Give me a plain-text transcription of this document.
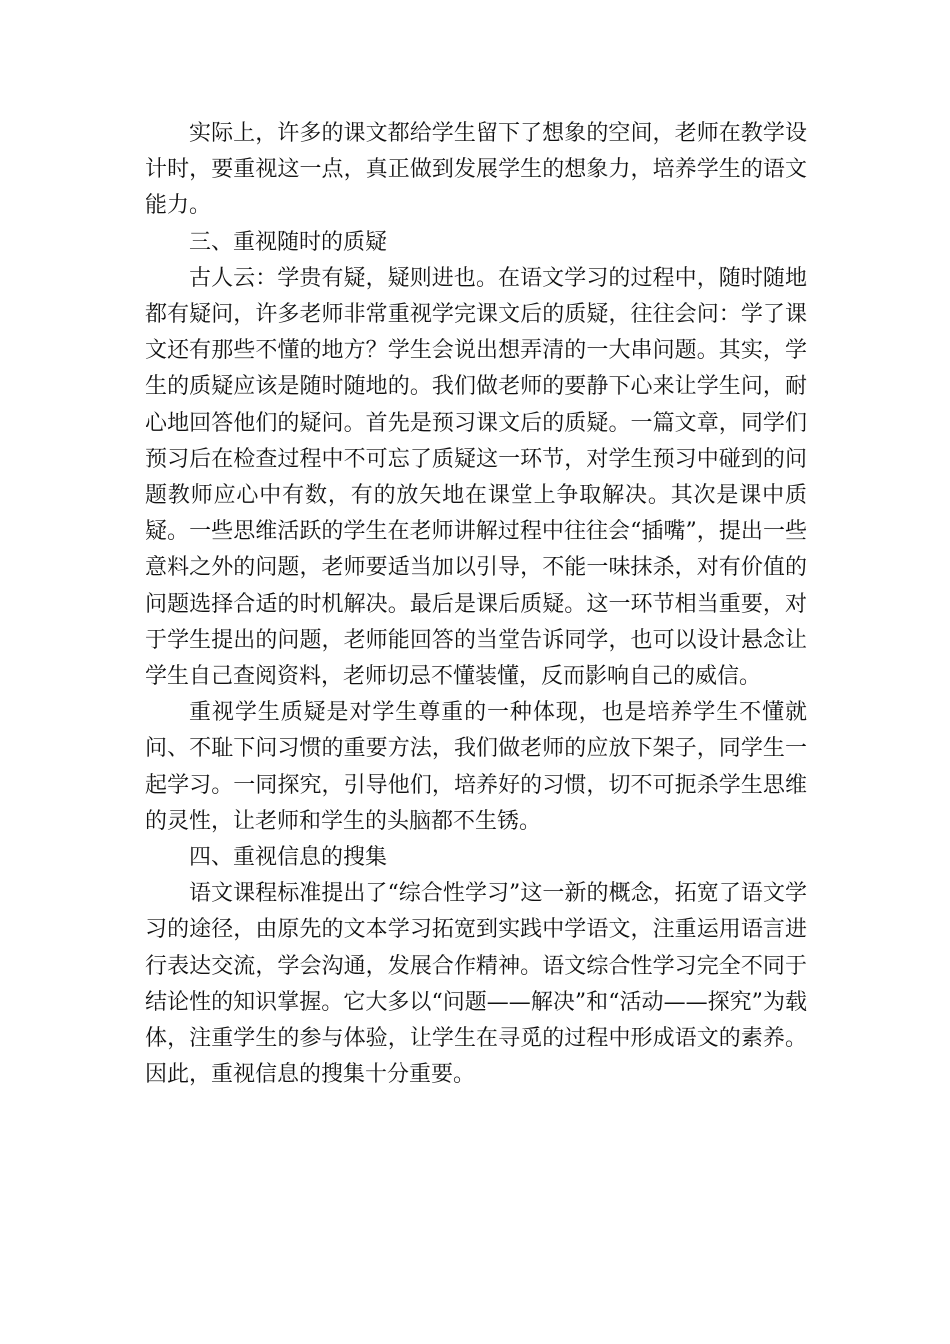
实际上，许多的课文都给学生留下了想象的空间，老师在教学设计时，要重视这一点，真正做到发展学生的想象力，培养学生的语文能力。

三、重视随时的质疑

古人云：学贵有疑，疑则进也。在语文学习的过程中，随时随地都有疑问，许多老师非常重视学完课文后的质疑，往往会问：学了课文还有那些不懂的地方？学生会说出想弄清的一大串问题。其实，学生的质疑应该是随时随地的。我们做老师的要静下心来让学生问，耐心地回答他们的疑问。首先是预习课文后的质疑。一篇文章，同学们预习后在检查过程中不可忘了质疑这一环节，对学生预习中碰到的问题教师应心中有数，有的放矢地在课堂上争取解决。其次是课中质疑。一些思维活跃的学生在老师讲解过程中往往会“插嘴”，提出一些意料之外的问题，老师要适当加以引导，不能一味抹杀，对有价值的问题选择合适的时机解决。最后是课后质疑。这一环节相当重要，对于学生提出的问题，老师能回答的当堂告诉同学，也可以设计悬念让学生自己查阅资料，老师切忌不懂装懂，反而影响自己的威信。

重视学生质疑是对学生尊重的一种体现，也是培养学生不懂就问、不耻下问习惯的重要方法，我们做老师的应放下架子，同学生一起学习。一同探究，引导他们，培养好的习惯，切不可扼杀学生思维的灵性，让老师和学生的头脑都不生锈。

四、重视信息的搜集

语文课程标准提出了“综合性学习”这一新的概念，拓宽了语文学习的途径，由原先的文本学习拓宽到实践中学语文，注重运用语言进行表达交流，学会沟通，发展合作精神。语文综合性学习完全不同于结论性的知识掌握。它大多以“问题——解决”和“活动——探究”为载体，注重学生的参与体验，让学生在寻觅的过程中形成语文的素养。因此，重视信息的搜集十分重要。
